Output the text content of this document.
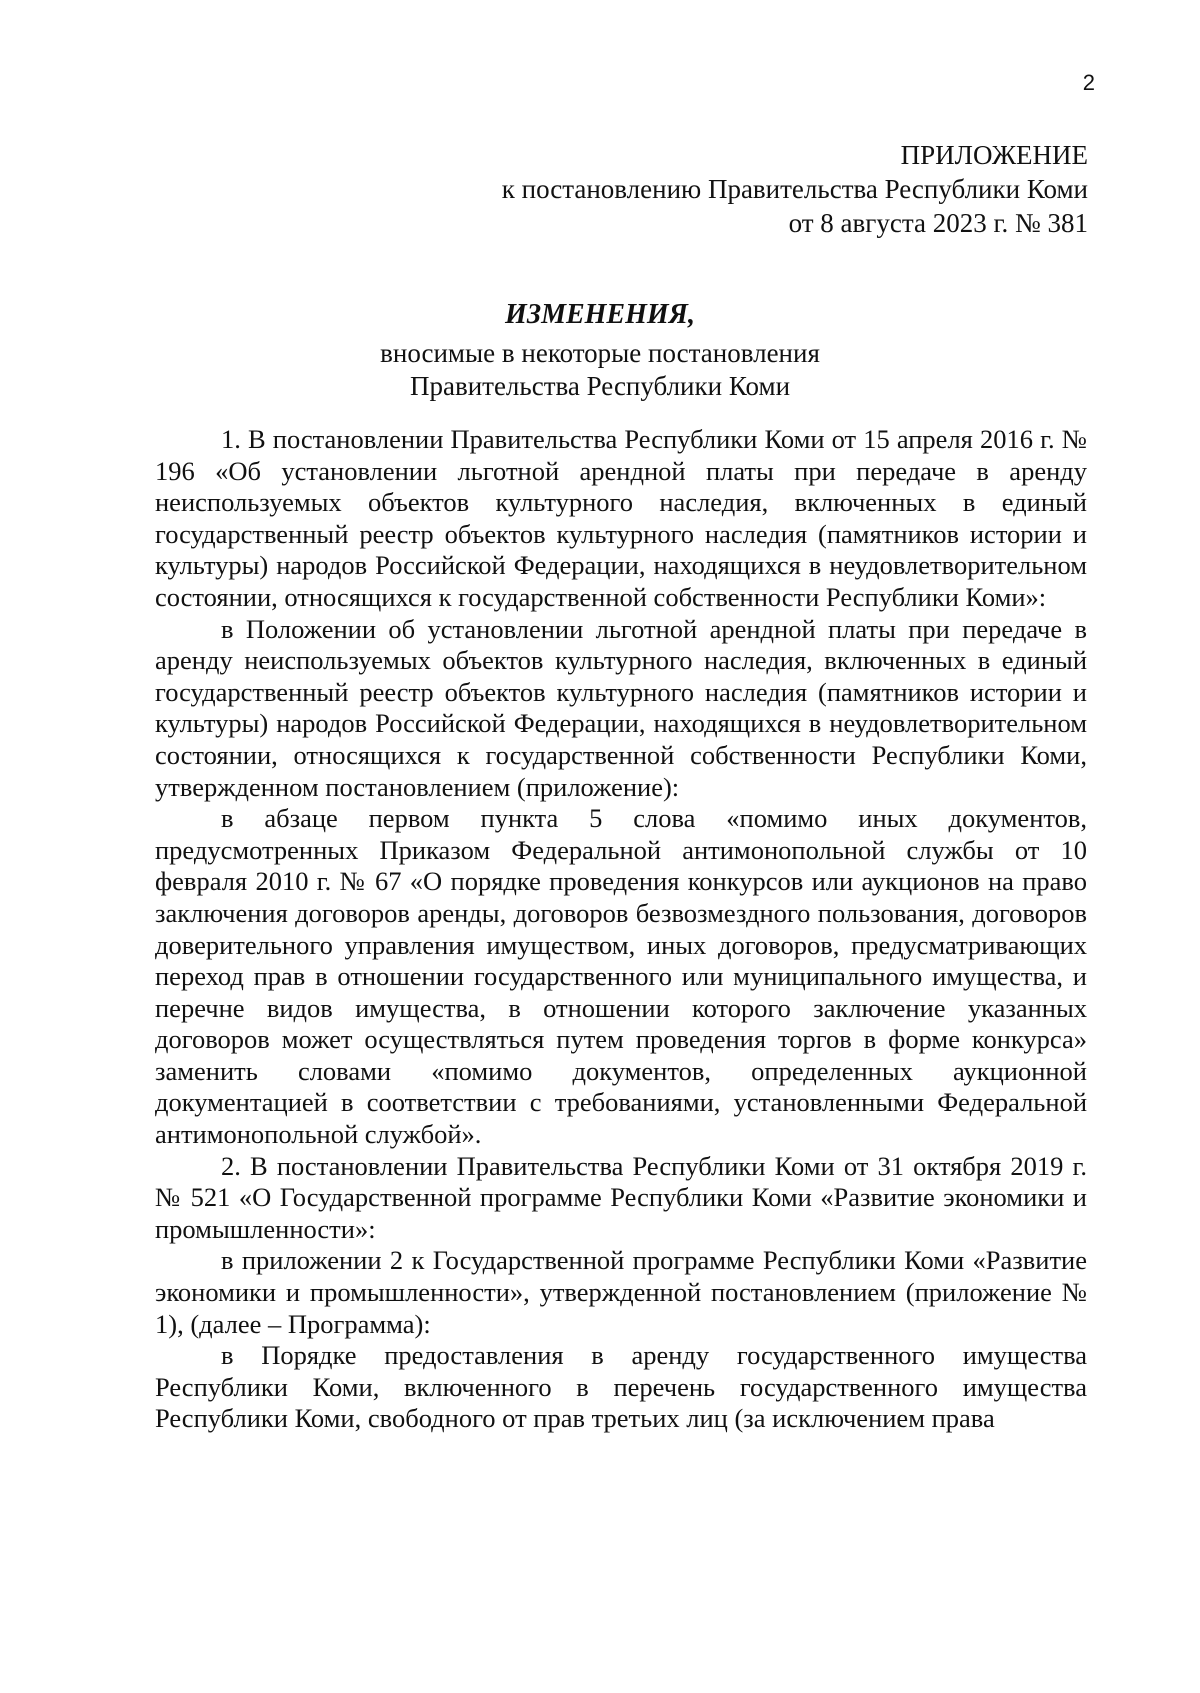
2
ПРИЛОЖЕНИЕ
к постановлению Правительства Республики Коми
от 8 августа 2023 г. № 381
ИЗМЕНЕНИЯ,
вносимые в некоторые постановления
Правительства Республики Коми

1. В постановлении Правительства Республики Коми от 15 апреля 2016 г. № 196 «Об установлении льготной арендной платы при передаче в аренду неиспользуемых объектов культурного наследия, включенных в единый государственный реестр объектов культурного наследия (памятников истории и культуры) народов Российской Федерации, находящихся в неудовлетворительном состоянии, относящихся к государственной собственности Республики Коми»:

в Положении об установлении льготной арендной платы при передаче в аренду неиспользуемых объектов культурного наследия, включенных в единый государственный реестр объектов культурного наследия (памятников истории и культуры) народов Российской Федерации, находящихся в неудовлетворительном состоянии, относящихся к государственной собственности Республики Коми, утвержденном постановлением (приложение):

в абзаце первом пункта 5 слова «помимо иных документов, предусмотренных Приказом Федеральной антимонопольной службы от 10 февраля 2010 г. № 67 «О порядке проведения конкурсов или аукционов на право заключения договоров аренды, договоров безвозмездного пользования, договоров доверительного управления имуществом, иных договоров, предусматривающих переход прав в отношении государственного или муниципального имущества, и перечне видов имущества, в отношении которого заключение указанных договоров может осуществляться путем проведения торгов в форме конкурса» заменить словами «помимо документов, определенных аукционной документацией в соответствии с требованиями, установленными Федеральной антимонопольной службой».

2. В постановлении Правительства Республики Коми от 31 октября 2019 г. № 521 «О Государственной программе Республики Коми «Развитие экономики и промышленности»:

в приложении 2 к Государственной программе Республики Коми «Развитие экономики и промышленности», утвержденной постановлением (приложение № 1), (далее – Программа):

в Порядке предоставления в аренду государственного имущества Республики Коми, включенного в перечень государственного имущества Республики Коми, свободного от прав третьих лиц (за исключением права
